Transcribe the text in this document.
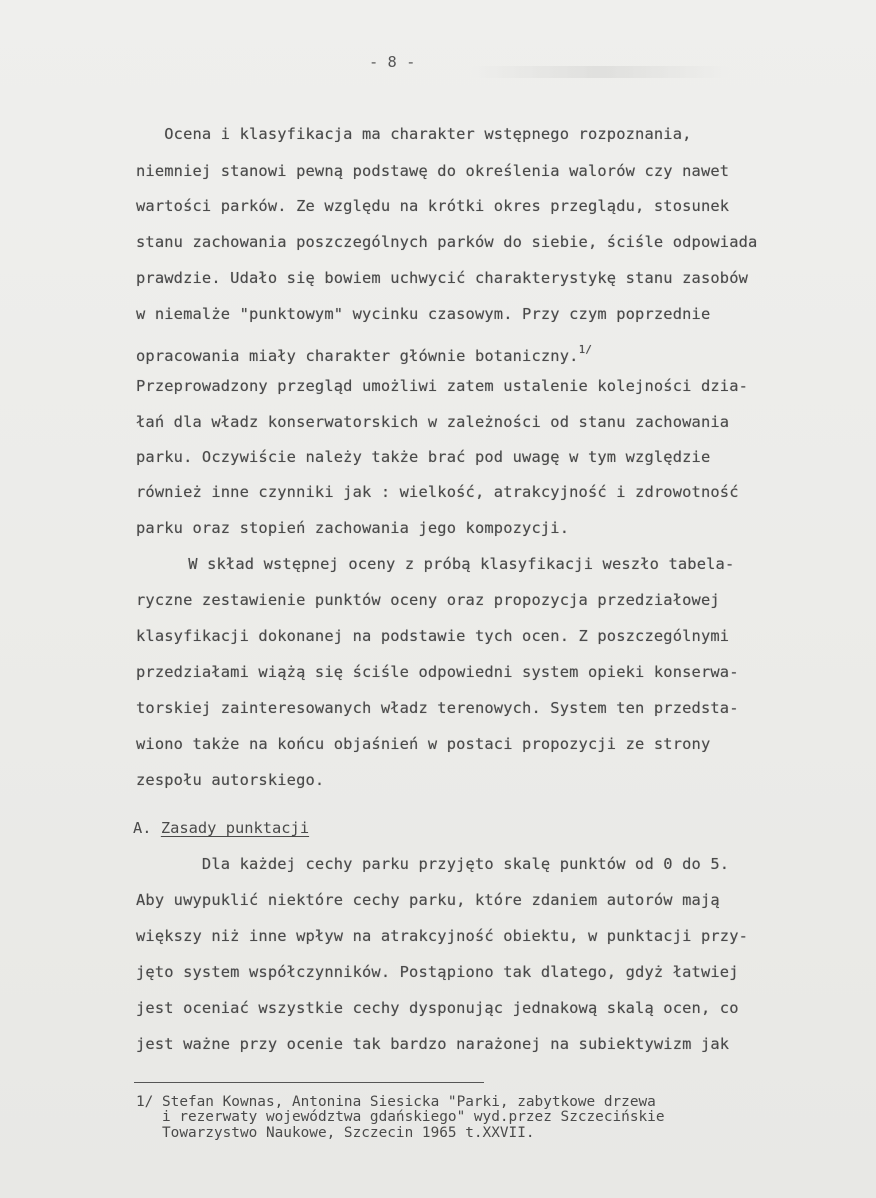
- 8 -
Ocena i klasyfikacja ma charakter wstępnego rozpoznania,
niemniej stanowi pewną podstawę do określenia walorów czy nawet
wartości parków. Ze względu na krótki okres przeglądu, stosunek
stanu zachowania poszczególnych parków do siebie, ściśle odpowiada
prawdzie. Udało się bowiem uchwycić charakterystykę stanu zasobów
w niemalże "punktowym" wycinku czasowym. Przy czym poprzednie
opracowania miały charakter głównie botaniczny.$^{1/}$
Przeprowadzony przegląd umożliwi zatem ustalenie kolejności dzia-
łań dla władz konserwatorskich w zależności od stanu zachowania
parku. Oczywiście należy także brać pod uwagę w tym względzie
również inne czynniki jak : wielkość, atrakcyjność i zdrowotność
parku oraz stopień zachowania jego kompozycji.
W skład wstępnej oceny z próbą klasyfikacji weszło tabela-
ryczne zestawienie punktów oceny oraz propozycja przedziałowej
klasyfikacji dokonanej na podstawie tych ocen. Z poszczególnymi
przedziałami wiążą się ściśle odpowiedni system opieki konserwa-
torskiej zainteresowanych władz terenowych. System ten przedsta-
wiono także na końcu objaśnień w postaci propozycji ze strony
zespołu autorskiego.
A. Zasady punktacji
Dla każdej cechy parku przyjęto skalę punktów od 0 do 5.
Aby uwypuklić niektóre cechy parku, które zdaniem autorów mają
większy niż inne wpływ na atrakcyjność obiektu, w punktacji przy-
jęto system współczynników. Postąpiono tak dlatego, gdyż łatwiej
jest oceniać wszystkie cechy dysponując jednakową skalą ocen, co
jest ważne przy ocenie tak bardzo narażonej na subiektywizm jak
1/ Stefan Kownas, Antonina Siesicka "Parki, zabytkowe drzewa
i rezerwaty województwa gdańskiego" wyd.przez Szczecińskie
Towarzystwo Naukowe, Szczecin 1965 t.XXVII.
